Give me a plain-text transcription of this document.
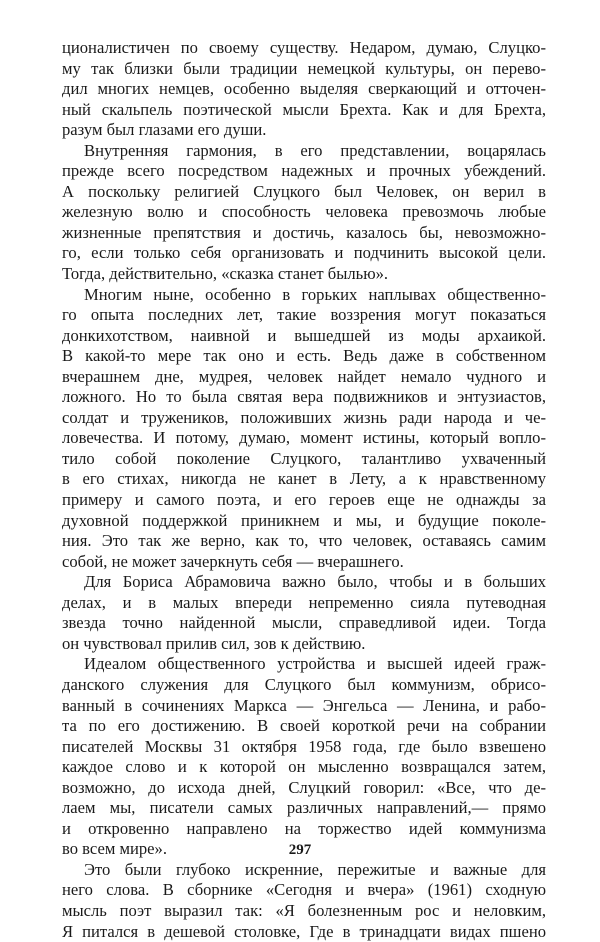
ционалистичен по своему существу. Недаром, думаю, Слуцко-
му так близки были традиции немецкой культуры, он перево-
дил многих немцев, особенно выделяя сверкающий и отточен-
ный скальпель поэтической мысли Брехта. Как и для Брехта,
разум был глазами его души.
Внутренняя гармония, в его представлении, воцарялась
прежде всего посредством надежных и прочных убеждений.
А поскольку религией Слуцкого был Человек, он верил в
железную волю и способность человека превозмочь любые
жизненные препятствия и достичь, казалось бы, невозможно-
го, если только себя организовать и подчинить высокой цели.
Тогда, действительно, «сказка станет былью».
Многим ныне, особенно в горьких наплывах общественно-
го опыта последних лет, такие воззрения могут показаться
донкихотством, наивной и вышедшей из моды архаикой.
В какой-то мере так оно и есть. Ведь даже в собственном
вчерашнем дне, мудрея, человек найдет немало чудного и
ложного. Но то была святая вера подвижников и энтузиастов,
солдат и тружеников, положивших жизнь ради народа и че-
ловечества. И потому, думаю, момент истины, который вопло-
тило собой поколение Слуцкого, талантливо ухваченный
в его стихах, никогда не канет в Лету, а к нравственному
примеру и самого поэта, и его героев еще не однажды за
духовной поддержкой приникнем и мы, и будущие поколе-
ния. Это так же верно, как то, что человек, оставаясь самим
собой, не может зачеркнуть себя — вчерашнего.
Для Бориса Абрамовича важно было, чтобы и в больших
делах, и в малых впереди непременно сияла путеводная
звезда точно найденной мысли, справедливой идеи. Тогда
он чувствовал прилив сил, зов к действию.
Идеалом общественного устройства и высшей идеей граж-
данского служения для Слуцкого был коммунизм, обрисо-
ванный в сочинениях Маркса — Энгельса — Ленина, и рабо-
та по его достижению. В своей короткой речи на собрании
писателей Москвы 31 октября 1958 года, где было взвешено
каждое слово и к которой он мысленно возвращался затем,
возможно, до исхода дней, Слуцкий говорил: «Все, что де-
лаем мы, писатели самых различных направлений,— прямо
и откровенно направлено на торжество идей коммунизма
во всем мире».
Это были глубоко искренние, пережитые и важные для
него слова. В сборнике «Сегодня и вчера» (1961) сходную
мысль поэт выразил так: «Я болезненным рос и неловким,
Я питался в дешевой столовке, Где в тринадцати видах пшено
297
